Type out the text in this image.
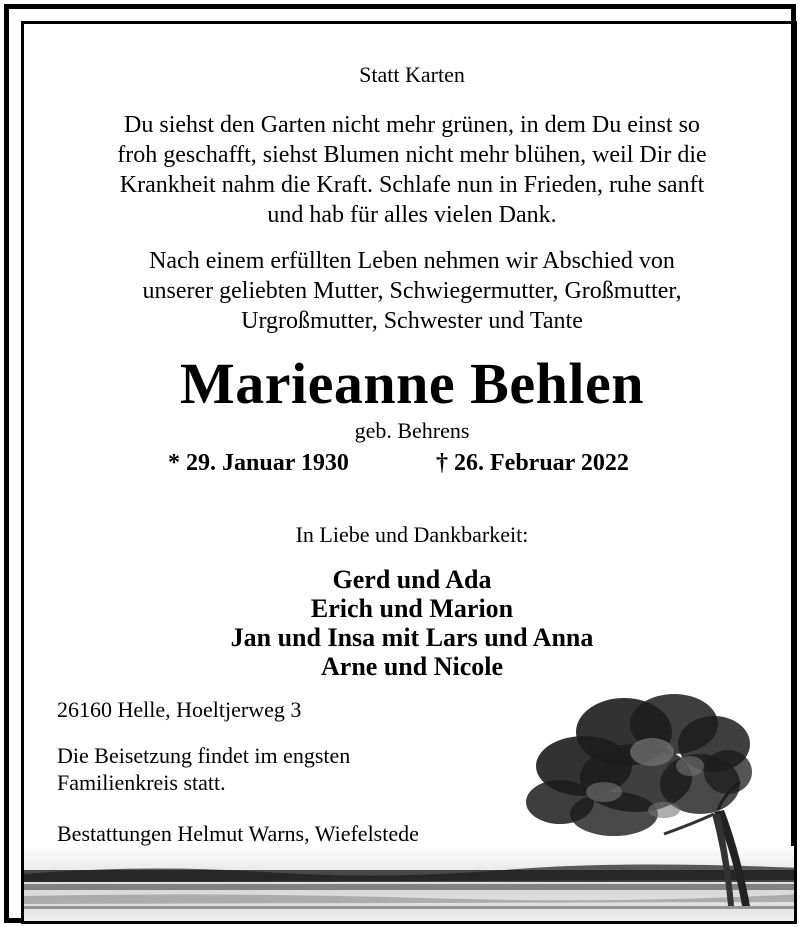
Statt Karten
Du siehst den Garten nicht mehr grünen, in dem Du einst so
froh geschafft, siehst Blumen nicht mehr blühen, weil Dir die
Krankheit nahm die Kraft. Schlafe nun in Frieden, ruhe sanft
und hab für alles vielen Dank.
Nach einem erfüllten Leben nehmen wir Abschied von
unserer geliebten Mutter, Schwiegermutter, Großmutter,
Urgroßmutter, Schwester und Tante
Marieanne Behlen
geb. Behrens
* 29. Januar 1930	† 26. Februar 2022
In Liebe und Dankbarkeit:
Gerd und Ada
Erich und Marion
Jan und Insa mit Lars und Anna
Arne und Nicole
26160 Helle, Hoeltjerweg 3
Die Beisetzung findet im engsten
Familienkreis statt.
Bestattungen Helmut Warns, Wiefelstede
